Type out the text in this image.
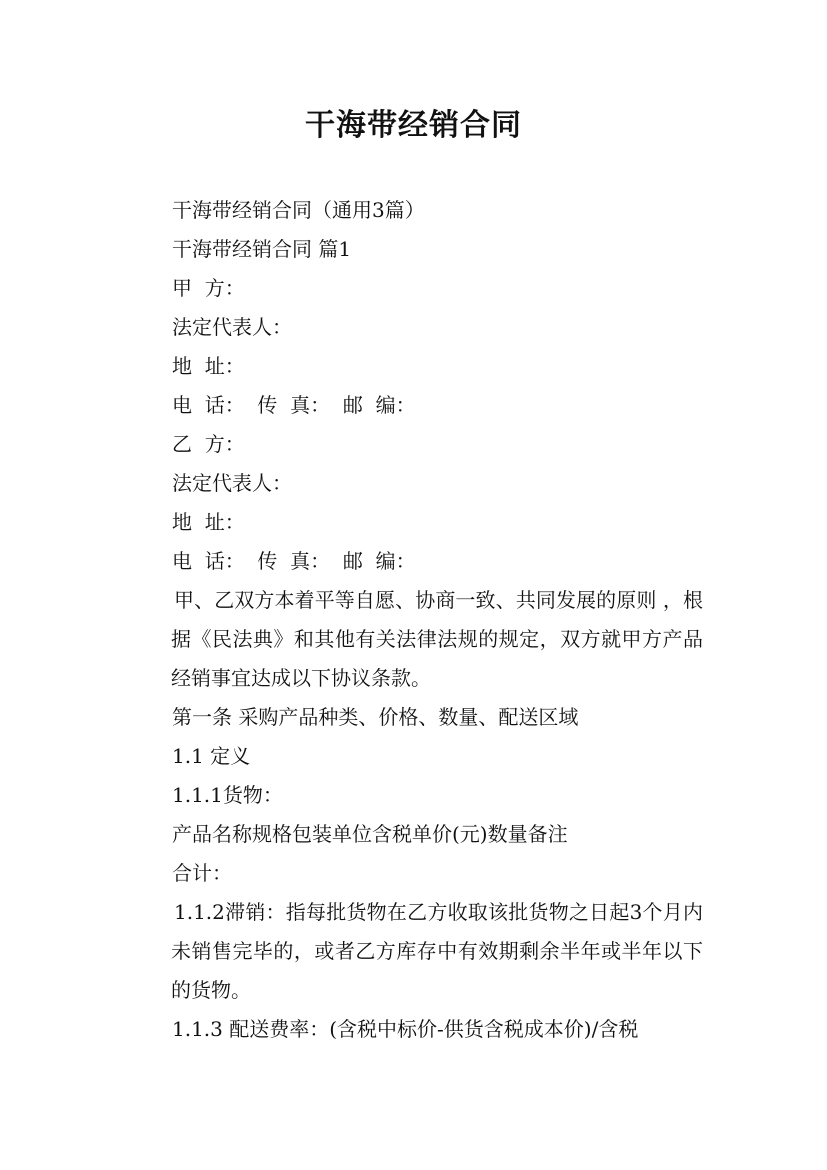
干海带经销合同
干海带经销合同（通用3篇）
干海带经销合同 篇1
甲  方：
法定代表人：
地  址：
电  话：  传  真：  邮  编：
乙  方：
法定代表人：
地  址：
电  话：  传  真：  邮  编：
甲、乙双方本着平等自愿、协商一致、共同发展的原则 ，根据《民法典》和其他有关法律法规的规定，双方就甲方产品经销事宜达成以下协议条款。
第一条 采购产品种类、价格、数量、配送区域
1.1 定义
1.1.1货物：
产品名称规格包装单位含税单价(元)数量备注
合计：
1.1.2滞销：指每批货物在乙方收取该批货物之日起3个月内未销售完毕的，或者乙方库存中有效期剩余半年或半年以下的货物。
1.1.3 配送费率：(含税中标价-供货含税成本价)/含税
